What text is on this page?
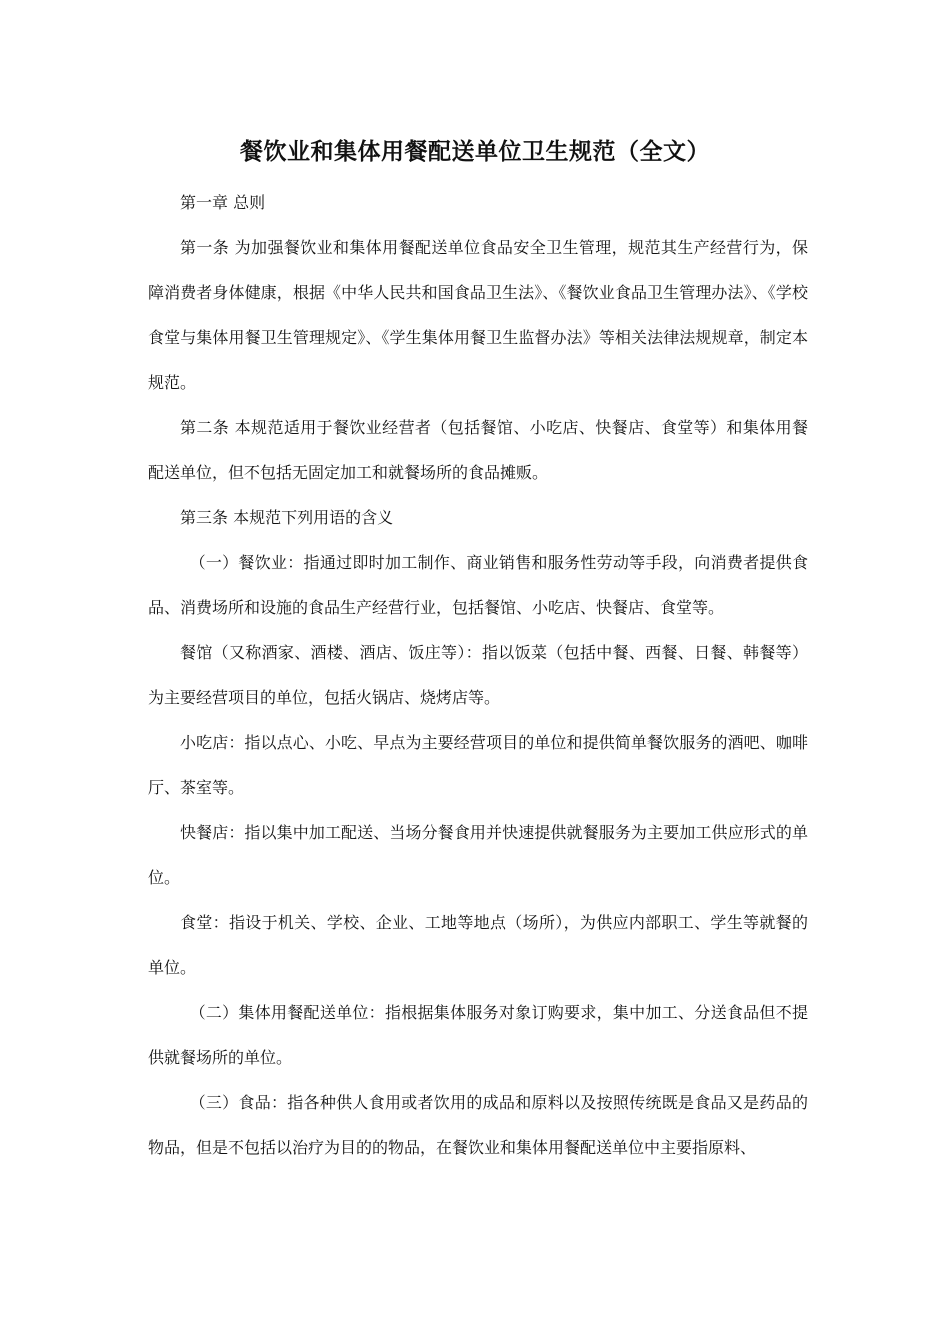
餐饮业和集体用餐配送单位卫生规范（全文）

第一章 总则

第一条 为加强餐饮业和集体用餐配送单位食品安全卫生管理，规范其生产经营行为，保障消费者身体健康，根据《中华人民共和国食品卫生法》、《餐饮业食品卫生管理办法》、《学校食堂与集体用餐卫生管理规定》、《学生集体用餐卫生监督办法》等相关法律法规规章，制定本规范。

第二条 本规范适用于餐饮业经营者（包括餐馆、小吃店、快餐店、食堂等）和集体用餐配送单位，但不包括无固定加工和就餐场所的食品摊贩。

第三条 本规范下列用语的含义

（一）餐饮业：指通过即时加工制作、商业销售和服务性劳动等手段，向消费者提供食品、消费场所和设施的食品生产经营行业，包括餐馆、小吃店、快餐店、食堂等。

餐馆（又称酒家、酒楼、酒店、饭庄等）：指以饭菜（包括中餐、西餐、日餐、韩餐等）为主要经营项目的单位，包括火锅店、烧烤店等。

小吃店：指以点心、小吃、早点为主要经营项目的单位和提供简单餐饮服务的酒吧、咖啡厅、茶室等。

快餐店：指以集中加工配送、当场分餐食用并快速提供就餐服务为主要加工供应形式的单位。

食堂：指设于机关、学校、企业、工地等地点（场所），为供应内部职工、学生等就餐的单位。

（二）集体用餐配送单位：指根据集体服务对象订购要求，集中加工、分送食品但不提供就餐场所的单位。

（三）食品：指各种供人食用或者饮用的成品和原料以及按照传统既是食品又是药品的物品，但是不包括以治疗为目的的物品，在餐饮业和集体用餐配送单位中主要指原料、
